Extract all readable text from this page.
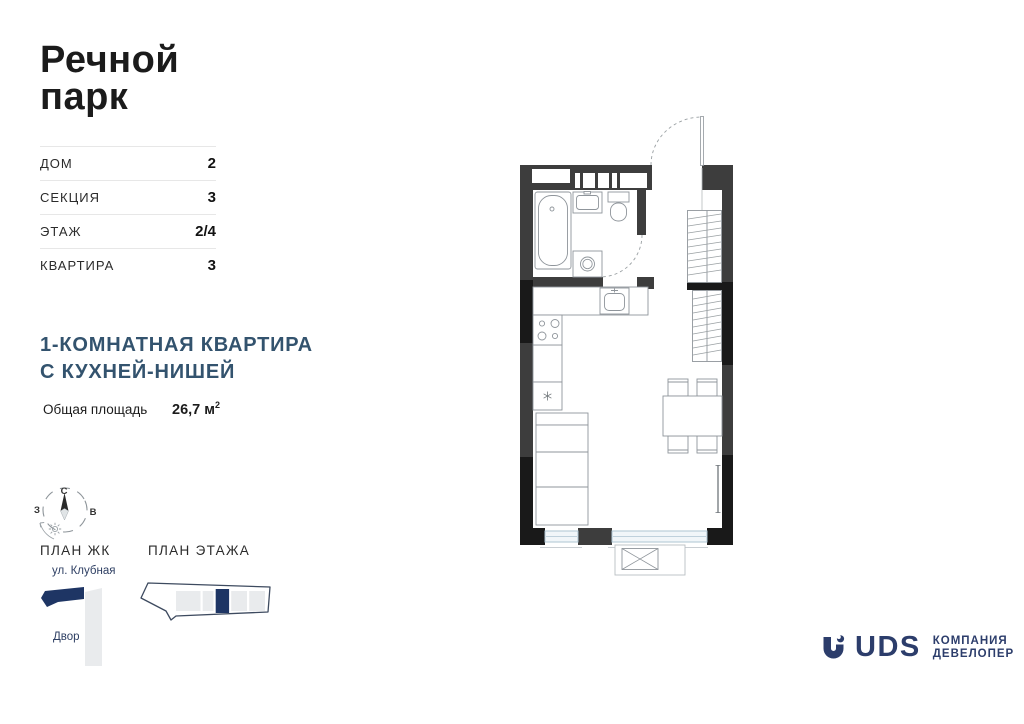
Речной
парк
ДОМ	2
СЕКЦИЯ	3
ЭТАЖ	2/4
КВАРТИРА	3
1-КОМНАТНАЯ КВАРТИРА
С КУХНЕЙ-НИШЕЙ
Общая площадь 26,7 $м^2$
С
З	В
ПЛАН ЖК	ПЛАН ЭТАЖА
ул. Клубная
Двор	UDS КОМПАНИЯ
ДЕВЕЛОПЕР
